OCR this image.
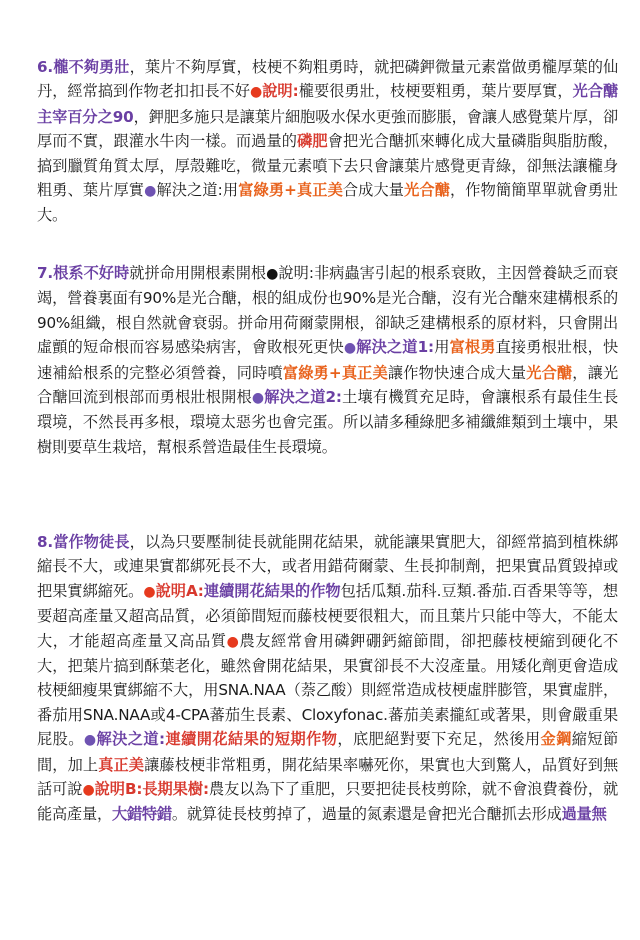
6.櫳不夠勇壯，葉片不夠厚實，枝梗不夠粗勇時，就把磷鉀微量元素當做勇櫳厚葉的仙丹，經常搞到作物老扣扣長不好●說明:櫳要很勇壯，枝梗要粗勇，葉片要厚實，光合醣主宰百分之90，鉀肥多施只是讓葉片細胞吸水保水更強而膨脹，會讓人感覺葉片厚，卻厚而不實，跟灌水牛肉一樣。而過量的磷肥會把光合醣抓來轉化成大量磷脂與脂肪酸，搞到臘質角質太厚，厚殼難吃，微量元素噴下去只會讓葉片感覺更青綠，卻無法讓櫳身粗勇、葉片厚實●解決之道:用富綠勇+真正美合成大量光合醣，作物簡簡單單就會勇壯大。
7.根系不好時就拼命用開根素開根●說明:非病蟲害引起的根系衰敗，主因營養缺乏而衰竭，營養裏面有90%是光合醣，根的組成份也90%是光合醣，沒有光合醣來建構根系的90%組織，根自然就會衰弱。拼命用荷爾蒙開根，卻缺乏建構根系的原材料，只會開出虛顫的短命根而容易感染病害，會敗根死更快●解決之道1:用富根勇直接勇根壯根，快速補給根系的完整必須營養，同時噴富綠勇+真正美讓作物快速合成大量光合醣，讓光合醣回流到根部而勇根壯根開根●解決之道2:土壤有機質充足時，會讓根系有最佳生長環境，不然長再多根，環境太惡劣也會完蛋。所以請多種綠肥多補纖維類到土壤中，果樹則要草生栽培，幫根系營造最佳生長環境。
8.當作物徒長，以為只要壓制徒長就能開花結果，就能讓果實肥大，卻經常搞到植株綁縮長不大，或連果實都綁死長不大，或者用錯荷爾蒙、生長抑制劑，把果實品質毀掉或把果實綁縮死。●說明A:連續開花結果的作物包括瓜類.茄科.豆類.番茄.百香果等等，想要超高產量又超高品質，必須節間短而藤枝梗要很粗大，而且葉片只能中等大，不能太大，才能超高產量又高品質●農友經常會用磷鉀硼鈣縮節間，卻把藤枝梗縮到硬化不大，把葉片搞到酥葉老化，雖然會開花結果，果實卻長不大沒產量。用矮化劑更會造成枝梗細瘦果實綁縮不大，用SNA.NAA（萘乙酸）則經常造成枝梗虛胖膨管，果實虛胖，番茄用SNA.NAA或4-CPA蕃茄生長素、Cloxyfonac.蕃茄美素攏紅或著果，則會嚴重果屁股。●解決之道:連續開花結果的短期作物，底肥絕對要下充足，然後用金鋼縮短節間，加上真正美讓藤枝梗非常粗勇，開花結果率嚇死你，果實也大到驚人，品質好到無話可說●說明B:長期果樹:農友以為下了重肥，只要把徒長枝剪除，就不會浪費養份，就能高產量，大錯特錯。就算徒長枝剪掉了，過量的氮素還是會把光合醣抓去形成過量無
